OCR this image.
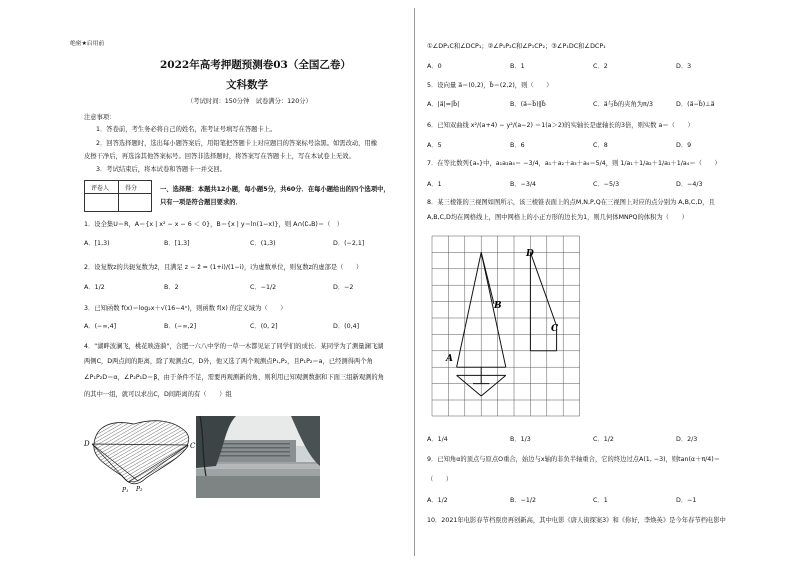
绝密★启用前
2022年高考押题预测卷03（全国乙卷）
文科数学
（考试时间：150分钟　试卷满分：120分）
注意事项：
1．答卷前，考生务必将自己的姓名，准考证号填写在答题卡上。
2．回答选择题时，选出每小题答案后，用铅笔把答题卡上对应题目的答案标号涂黑。如需改动，用橡
皮擦干净后，再选涂其他答案标号。回答非选择题时，将答案写在答题卡上，写在本试卷上无效。
3．考试结束后，将本试卷和答题卡一并交回。
评卷人	得分	一、选择题：本题共12小题，每小题5分，共60分．在每小题给出的四个选项中，
只有一项是符合题目要求的．
1．设全集U＝R，A＝{x | x² − x − 6 ＜ 0}，B＝{x | y＝ln(1−x)}，则 A∩(∁ᵤB)＝（　）
A．[1,3)	B．[1,3]	C．(1,3)	D．(−2,1]
2．设复数z的共轭复数为z̄，且满足 z − z̄ = (1+i)/(1−i)，i为虚数单位，则复数z的虚部是（　　）
A．1/2	B．2	C．−1/2	D．−2
3．已知函数 f(x)＝log₂x＋√(16−4ˣ)，则函数 f(x) 的定义域为（　　）
A．(−∞,4]	B．(−∞,2]	C．(0, 2]	D．(0,4]
4．"湖畔波澜飞，桃花映涟漪"，合肥一六八中学的一草一木都见证了同学们的成长．某同学为了测量澜飞湖
两侧C，D两点间的距离，除了观测点C，D外，他又选了两个观测点P₁,P₂，且P₁P₂＝a，已经测得两个角
∠P₁P₂D＝α，∠P₂P₁D＝β，由于条件不足，需要再观测新的角，则利用已知观测数据和下面三组新观测的角
的其中一组，就可以求出C，D间距离的有（　　）组
D	C
P₁ P₂
①∠DP₁C和∠DCP₁；②∠P₁P₂C和∠P₁CP₂；③∠P₁DC和∠DCP₁
A．0	B．1	C．2	D．3
5．设向量 a⃗＝(0,2)，b⃗＝(2,2)，则（　　）
A．|a⃗|=|b⃗|	B．(a⃗−b⃗)∥b⃗	C．a⃗与b⃗的夹角为π/3	D．(a⃗−b⃗)⊥a⃗
6．已知双曲线 x²/(a+4) − y²/(a−2) ＝1(a＞2)的实轴长是虚轴长的3倍，则实数 a＝（　　）
A．5	B．6	C．8	D．9
7．在等比数列{aₙ}中，a₁a₃a₄＝ −3/4，a₁＋a₂＋a₃＋a₄＝5/4，则 1/a₁＋1/a₂＋1/a₃＋1/a₄＝（　　）
A．1	B．−3/4	C．−5/3	D．−4/3
8．某三棱锥的三视图如图所示，该三棱锥表面上的点M,N,P,Q在三视图上对应的点分别为 A,B,C,D，且
A,B,C,D均在网格线上，图中网格上的小正方形的边长为1，则几何体MNPQ的体积为（　　）
A
B
C
D
A．1/4	B．1/3	C．1/2	D．2/3
9．已知角α的顶点与原点O重合，始边与x轴的非负半轴重合，它的终边过点A(1, −3)，则tan(α＋π/4)＝
（　　）
A．1/2	B．−1/2	C．1	D．−1
10．2021年电影春节档票房再创新高，其中电影《唐人街探案3》和《你好，李焕英》是今年春节档电影中
